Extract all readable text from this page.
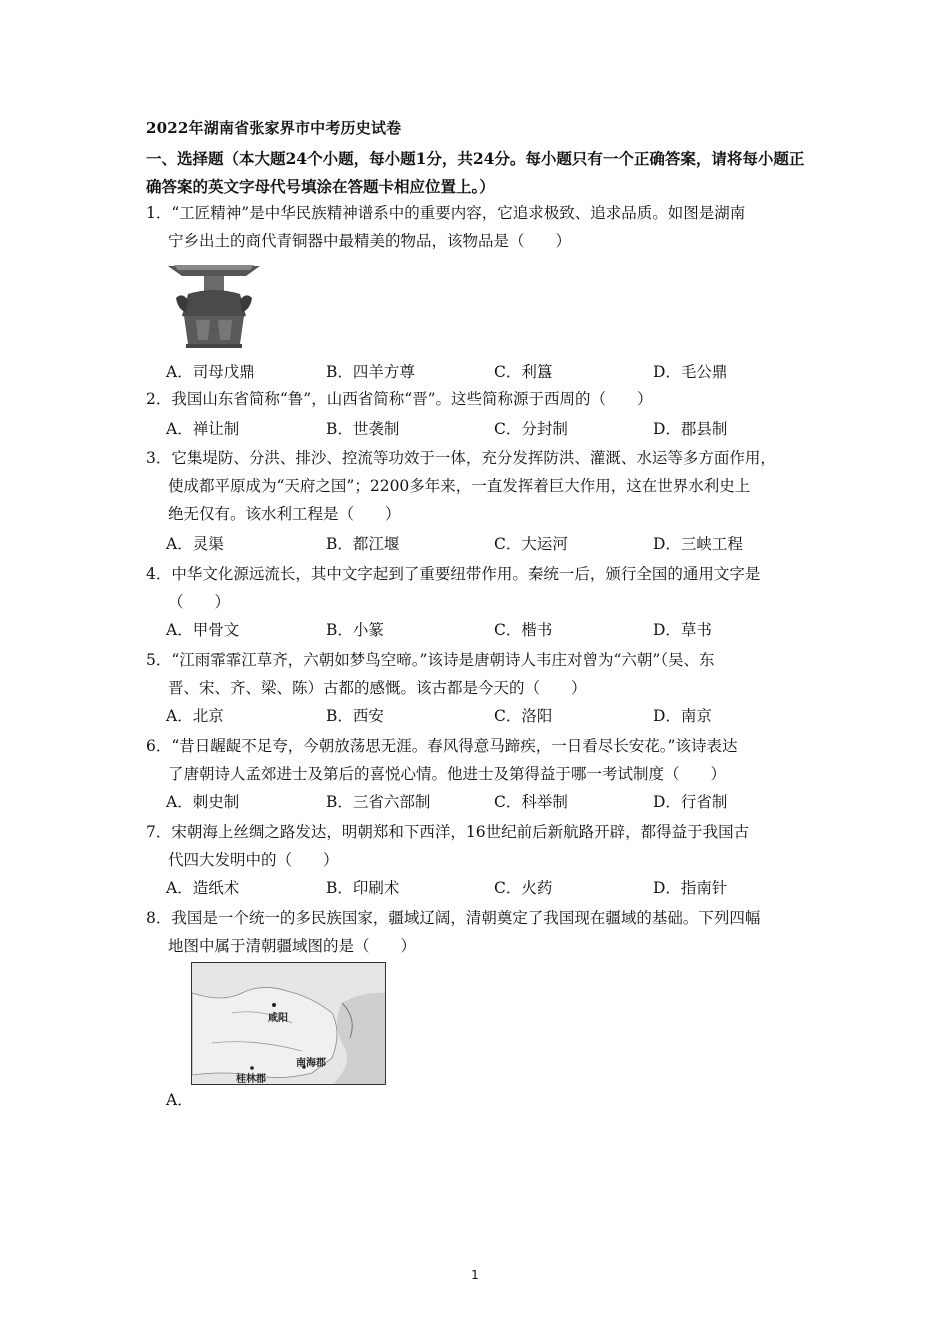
2022年湖南省张家界市中考历史试卷
一、选择题（本大题24个小题，每小题1分，共24分。每小题只有一个正确答案，请将每小题正确答案的英文字母代号填涂在答题卡相应位置上。）
1．“工匠精神”是中华民族精神谱系中的重要内容，它追求极致、追求品质。如图是湖南
宁乡出土的商代青铜器中最精美的物品，该物品是（　　）
A．司母戊鼎	B．四羊方尊	C．利簋	D．毛公鼎
2．我国山东省简称“鲁”，山西省简称“晋”。这些简称源于西周的（　　）
A．禅让制	B．世袭制	C．分封制	D．郡县制
3．它集堤防、分洪、排沙、控流等功效于一体，充分发挥防洪、灌溉、水运等多方面作用，
使成都平原成为“天府之国”；2200多年来，一直发挥着巨大作用，这在世界水利史上
绝无仅有。该水利工程是（　　）
A．灵渠	B．都江堰	C．大运河	D．三峡工程
4．中华文化源远流长，其中文字起到了重要纽带作用。秦统一后，颁行全国的通用文字是
（　　）
A．甲骨文	B．小篆	C．楷书	D．草书
5．“江雨霏霏江草齐，六朝如梦鸟空啼。”该诗是唐朝诗人韦庄对曾为“六朝”（吴、东
晋、宋、齐、梁、陈）古都的感慨。该古都是今天的（　　）
A．北京	B．西安	C．洛阳	D．南京
6．“昔日龌龊不足夸，今朝放荡思无涯。春风得意马蹄疾，一日看尽长安花。”该诗表达
了唐朝诗人孟郊进士及第后的喜悦心情。他进士及第得益于哪一考试制度（　　）
A．刺史制	B．三省六部制	C．科举制	D．行省制
7．宋朝海上丝绸之路发达，明朝郑和下西洋，16世纪前后新航路开辟，都得益于我国古
代四大发明中的（　　）
A．造纸术	B．印刷术	C．火药	D．指南针
8．我国是一个统一的多民族国家，疆域辽阔，清朝奠定了我国现在疆域的基础。下列四幅
地图中属于清朝疆域图的是（　　）
咸阳
桂林郡
南海郡
A．
1
